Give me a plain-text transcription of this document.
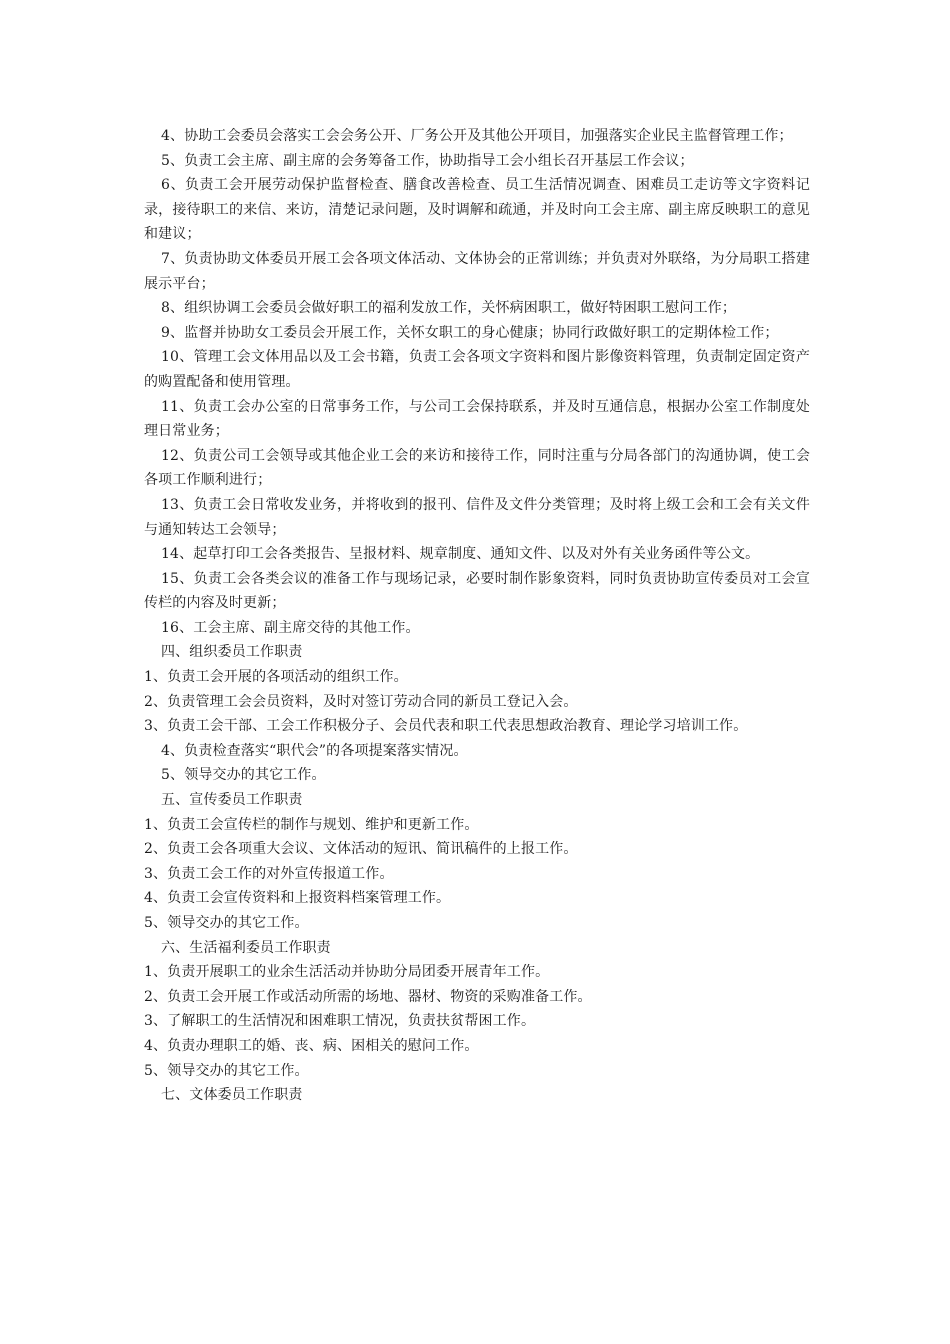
4、协助工会委员会落实工会会务公开、厂务公开及其他公开项目，加强落实企业民主监督管理工作；

5、负责工会主席、副主席的会务筹备工作，协助指导工会小组长召开基层工作会议；

6、负责工会开展劳动保护监督检查、膳食改善检查、员工生活情况调查、困难员工走访等文字资料记录，接待职工的来信、来访，清楚记录问题，及时调解和疏通，并及时向工会主席、副主席反映职工的意见和建议；

7、负责协助文体委员开展工会各项文体活动、文体协会的正常训练；并负责对外联络，为分局职工搭建展示平台；

8、组织协调工会委员会做好职工的福利发放工作，关怀病困职工，做好特困职工慰问工作；

9、监督并协助女工委员会开展工作，关怀女职工的身心健康；协同行政做好职工的定期体检工作；

10、管理工会文体用品以及工会书籍，负责工会各项文字资料和图片影像资料管理，负责制定固定资产的购置配备和使用管理。

11、负责工会办公室的日常事务工作，与公司工会保持联系，并及时互通信息，根据办公室工作制度处理日常业务；

12、负责公司工会领导或其他企业工会的来访和接待工作，同时注重与分局各部门的沟通协调，使工会各项工作顺利进行；

13、负责工会日常收发业务，并将收到的报刊、信件及文件分类管理；及时将上级工会和工会有关文件与通知转达工会领导；

14、起草打印工会各类报告、呈报材料、规章制度、通知文件、以及对外有关业务函件等公文。

15、负责工会各类会议的准备工作与现场记录，必要时制作影象资料，同时负责协助宣传委员对工会宣传栏的内容及时更新；

16、工会主席、副主席交待的其他工作。

四、组织委员工作职责

1、负责工会开展的各项活动的组织工作。

2、负责管理工会会员资料，及时对签订劳动合同的新员工登记入会。

3、负责工会干部、工会工作积极分子、会员代表和职工代表思想政治教育、理论学习培训工作。

4、负责检查落实“职代会”的各项提案落实情况。

5、领导交办的其它工作。

五、宣传委员工作职责

1、负责工会宣传栏的制作与规划、维护和更新工作。

2、负责工会各项重大会议、文体活动的短讯、简讯稿件的上报工作。

3、负责工会工作的对外宣传报道工作。

4、负责工会宣传资料和上报资料档案管理工作。

5、领导交办的其它工作。

六、生活福利委员工作职责

1、负责开展职工的业余生活活动并协助分局团委开展青年工作。

2、负责工会开展工作或活动所需的场地、器材、物资的采购准备工作。

3、了解职工的生活情况和困难职工情况，负责扶贫帮困工作。

4、负责办理职工的婚、丧、病、困相关的慰问工作。

5、领导交办的其它工作。

七、文体委员工作职责
